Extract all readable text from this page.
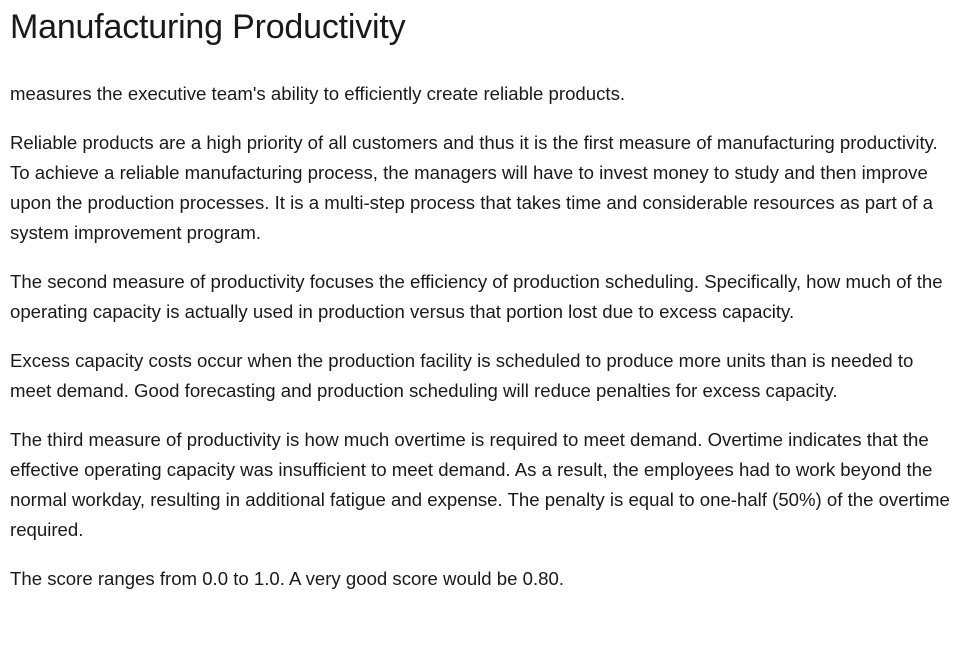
Manufacturing Productivity

measures the executive team's ability to efficiently create reliable products.

Reliable products are a high priority of all customers and thus it is the first measure of manufacturing productivity. To achieve a reliable manufacturing process, the managers will have to invest money to study and then improve upon the production processes. It is a multi-step process that takes time and considerable resources as part of a system improvement program.

The second measure of productivity focuses the efficiency of production scheduling. Specifically, how much of the operating capacity is actually used in production versus that portion lost due to excess capacity.

Excess capacity costs occur when the production facility is scheduled to produce more units than is needed to meet demand. Good forecasting and production scheduling will reduce penalties for excess capacity.

The third measure of productivity is how much overtime is required to meet demand. Overtime indicates that the effective operating capacity was insufficient to meet demand. As a result, the employees had to work beyond the normal workday, resulting in additional fatigue and expense. The penalty is equal to one-half (50%) of the overtime required.

The score ranges from 0.0 to 1.0. A very good score would be 0.80.
